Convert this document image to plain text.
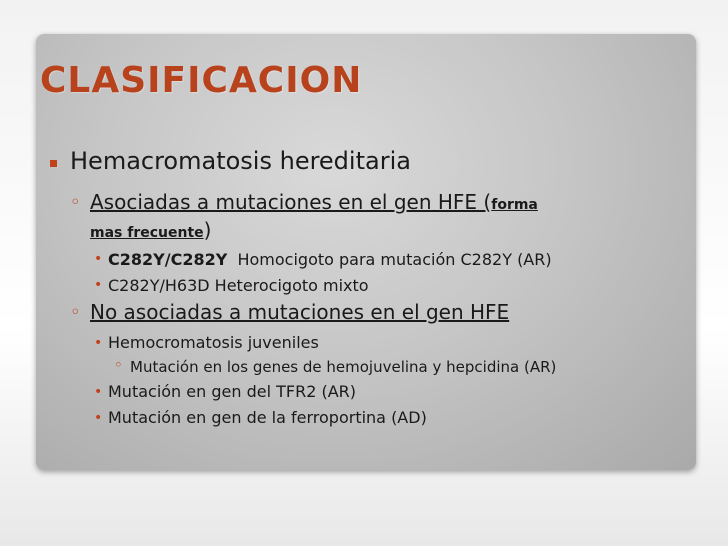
CLASIFICACION
Hemacromatosis hereditaria
◦ Asociadas a mutaciones en el gen HFE (forma
mas frecuente)
• C282Y/C282Y Homocigoto para mutación C282Y (AR)
• C282Y/H63D Heterocigoto mixto
◦ No asociadas a mutaciones en el gen HFE
• Hemocromatosis juveniles
◦ Mutación en los genes de hemojuvelina y hepcidina (AR)
• Mutación en gen del TFR2 (AR)
• Mutación en gen de la ferroportina (AD)
